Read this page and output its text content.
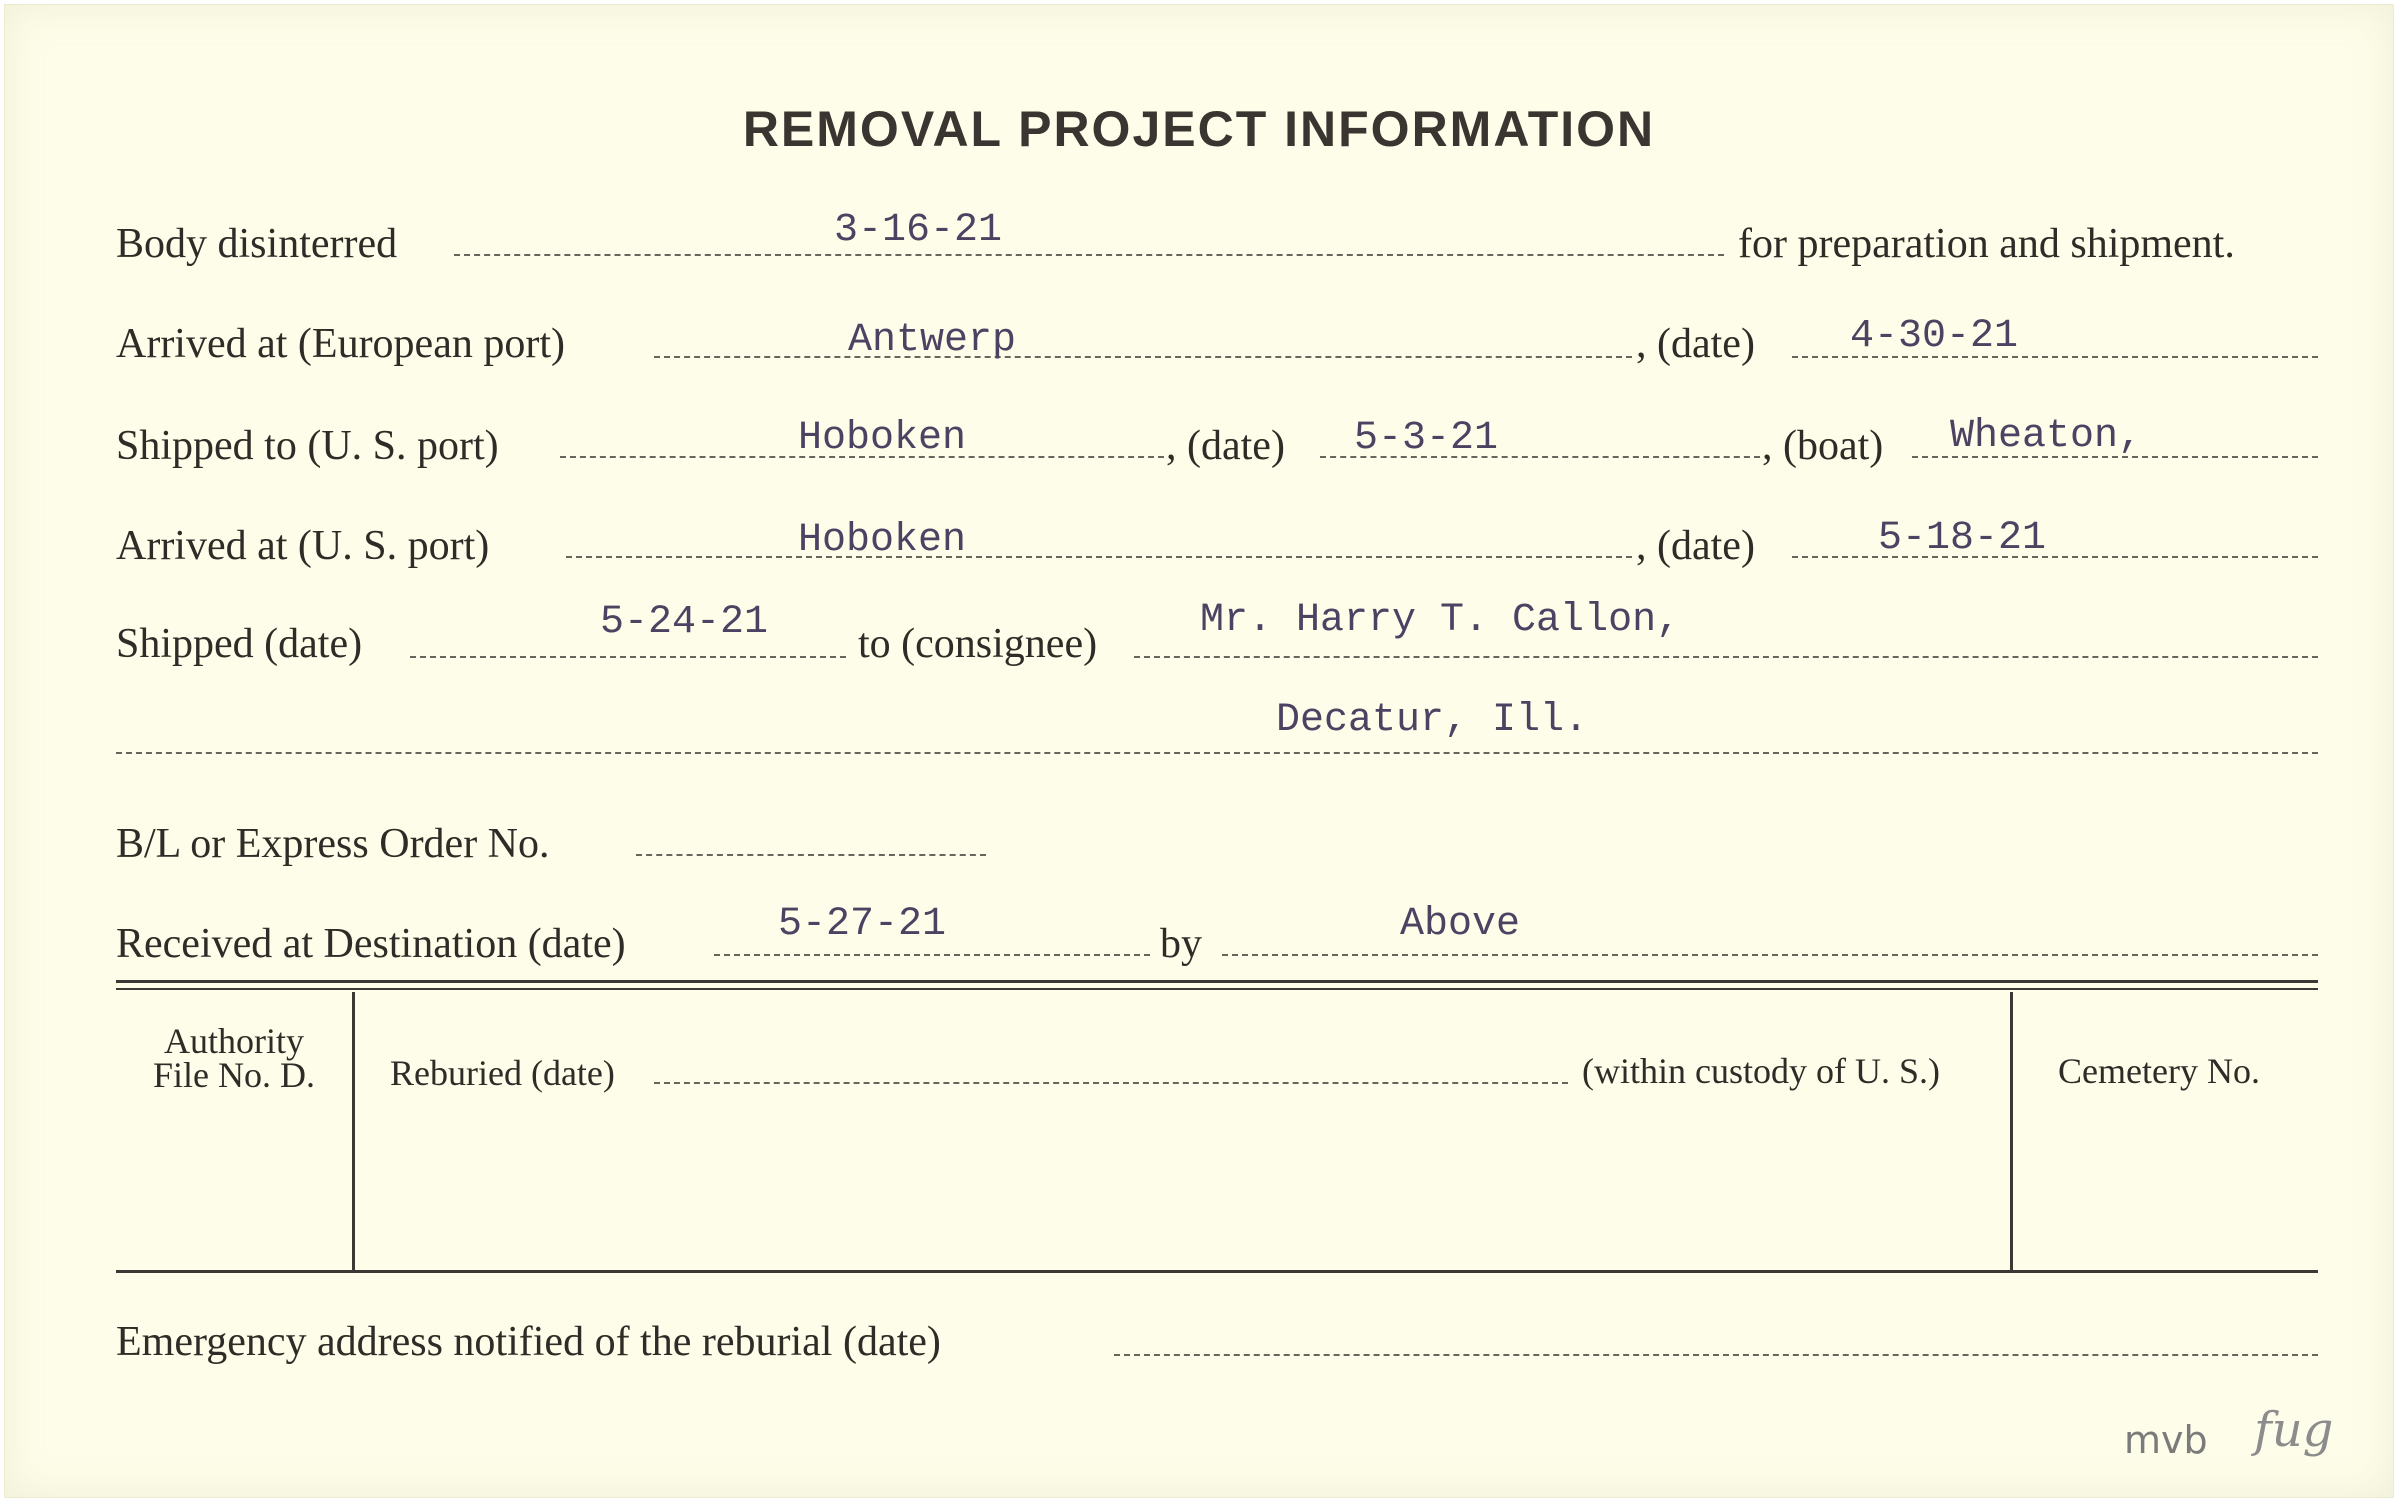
REMOVAL PROJECT INFORMATION
Body disinterred	3-16-21	for preparation and shipment.
Arrived at (European port)	Antwerp	, (date) 4-30-21
Shipped to (U. S. port)	Hoboken	, (date) 5-3-21	, (boat) Wheaton,
Arrived at (U. S. port)	Hoboken	, (date)	5-18-21
Shipped (date)	5-24-21 to (consignee)
Mr. Harry T. Callon,
Decatur, Ill.
B/L or Express Order No.
Received at Destination (date)	5-27-21	by	Above
Authority
File No. D.	Reburied (date)	(within custody of U. S.)	Cemetery No.
Emergency address notified of the reburial (date)
mvb fug
